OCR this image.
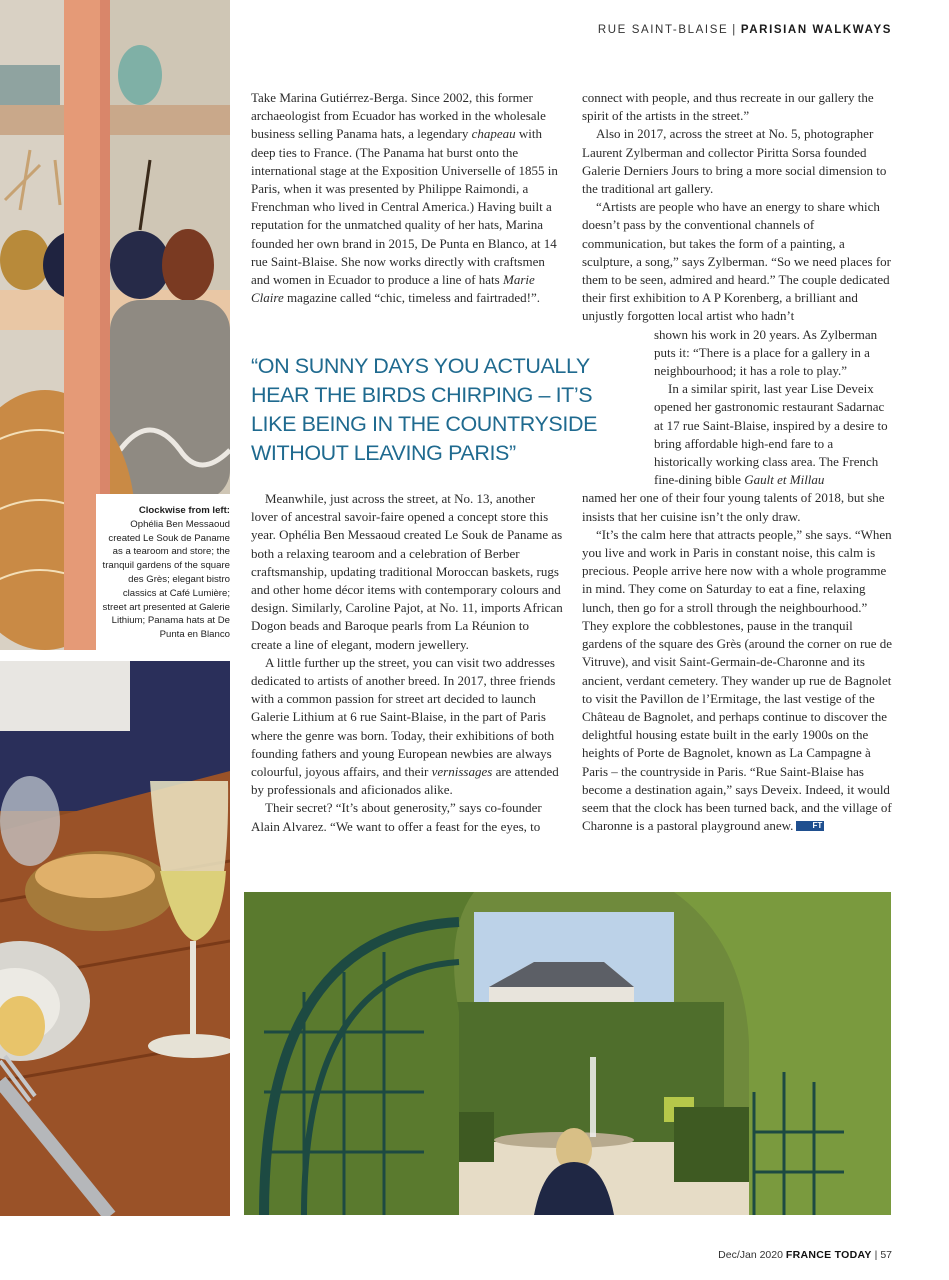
Clockwise from left:
Ophélia Ben Messaoud created Le Souk de Paname as a tearoom and store; the tranquil gardens of the square des Grès; elegant bistro classics at Café Lumière; street art presented at Galerie Lithium; Panama hats at De Punta en Blanco
RUE SAINT-BLAISE | PARISIAN WALKWAYS

Take Marina Gutiérrez-Berga. Since 2002, this former archaeologist from Ecuador has worked in the wholesale business selling Panama hats, a legendary chapeau with deep ties to France. (The Panama hat burst onto the international stage at the Exposition Universelle of 1855 in Paris, when it was presented by Philippe Raimondi, a Frenchman who lived in Central America.) Having built a reputation for the unmatched quality of her hats, Marina founded her own brand in 2015, De Punta en Blanco, at 14 rue Saint-Blaise. She now works directly with craftsmen and women in Ecuador to produce a line of hats Marie Claire magazine called “chic, timeless and fairtraded!”.

“ON SUNNY DAYS YOU ACTUALLY HEAR THE BIRDS CHIRPING – IT’S LIKE BEING IN THE COUNTRYSIDE WITHOUT LEAVING PARIS”

Meanwhile, just across the street, at No. 13, another lover of ancestral savoir-faire opened a concept store this year. Ophélia Ben Messaoud created Le Souk de Paname as both a relaxing tearoom and a celebration of Berber craftsmanship, updating traditional Moroccan baskets, rugs and other home décor items with contemporary colours and design. Similarly, Caroline Pajot, at No. 11, imports African Dogon beads and Baroque pearls from La Réunion to create a line of elegant, modern jewellery.

A little further up the street, you can visit two addresses dedicated to artists of another breed. In 2017, three friends with a common passion for street art decided to launch Galerie Lithium at 6 rue Saint-Blaise, in the part of Paris where the genre was born. Today, their exhibitions of both founding fathers and young European newbies are always colourful, joyous affairs, and their vernissages are attended by professionals and aficionados alike.

Their secret? “It’s about generosity,” says co-founder Alain Alvarez. “We want to offer a feast for the eyes, to

connect with people, and thus recreate in our gallery the spirit of the artists in the street.”

Also in 2017, across the street at No. 5, photographer Laurent Zylberman and collector Piritta Sorsa founded Galerie Derniers Jours to bring a more social dimension to the traditional art gallery.

“Artists are people who have an energy to share which doesn’t pass by the conventional channels of communication, but takes the form of a painting, a sculpture, a song,” says Zylberman. “So we need places for them to be seen, admired and heard.” The couple dedicated their first exhibition to A P Korenberg, a brilliant and unjustly forgotten local artist who hadn’t

shown his work in 20 years. As Zylberman puts it: “There is a place for a gallery in a neighbourhood; it has a role to play.”

In a similar spirit, last year Lise Deveix opened her gastronomic restaurant Sadarnac at 17 rue Saint-Blaise, inspired by a desire to bring affordable high-end fare to a historically working class area. The French fine-dining bible Gault et Millau

named her one of their four young talents of 2018, but she insists that her cuisine isn’t the only draw.

“It’s the calm here that attracts people,” she says. “When you live and work in Paris in constant noise, this calm is precious. People arrive here now with a whole programme in mind. They come on Saturday to eat a fine, relaxing lunch, then go for a stroll through the neighbourhood.” They explore the cobblestones, pause in the tranquil gardens of the square des Grès (around the corner on rue de Vitruve), and visit Saint-Germain-de-Charonne and its ancient, verdant cemetery. They wander up rue de Bagnolet to visit the Pavillon de l’Ermitage, the last vestige of the Château de Bagnolet, and perhaps continue to discover the delightful housing estate built in the early 1900s on the heights of Porte de Bagnolet, known as La Campagne à Paris – the countryside in Paris. “Rue Saint-Blaise has become a destination again,” says Deveix. Indeed, it would seem that the clock has been turned back, and the village of Charonne is a pastoral playground anew. FT

Dec/Jan 2020 FRANCE TODAY | 57
